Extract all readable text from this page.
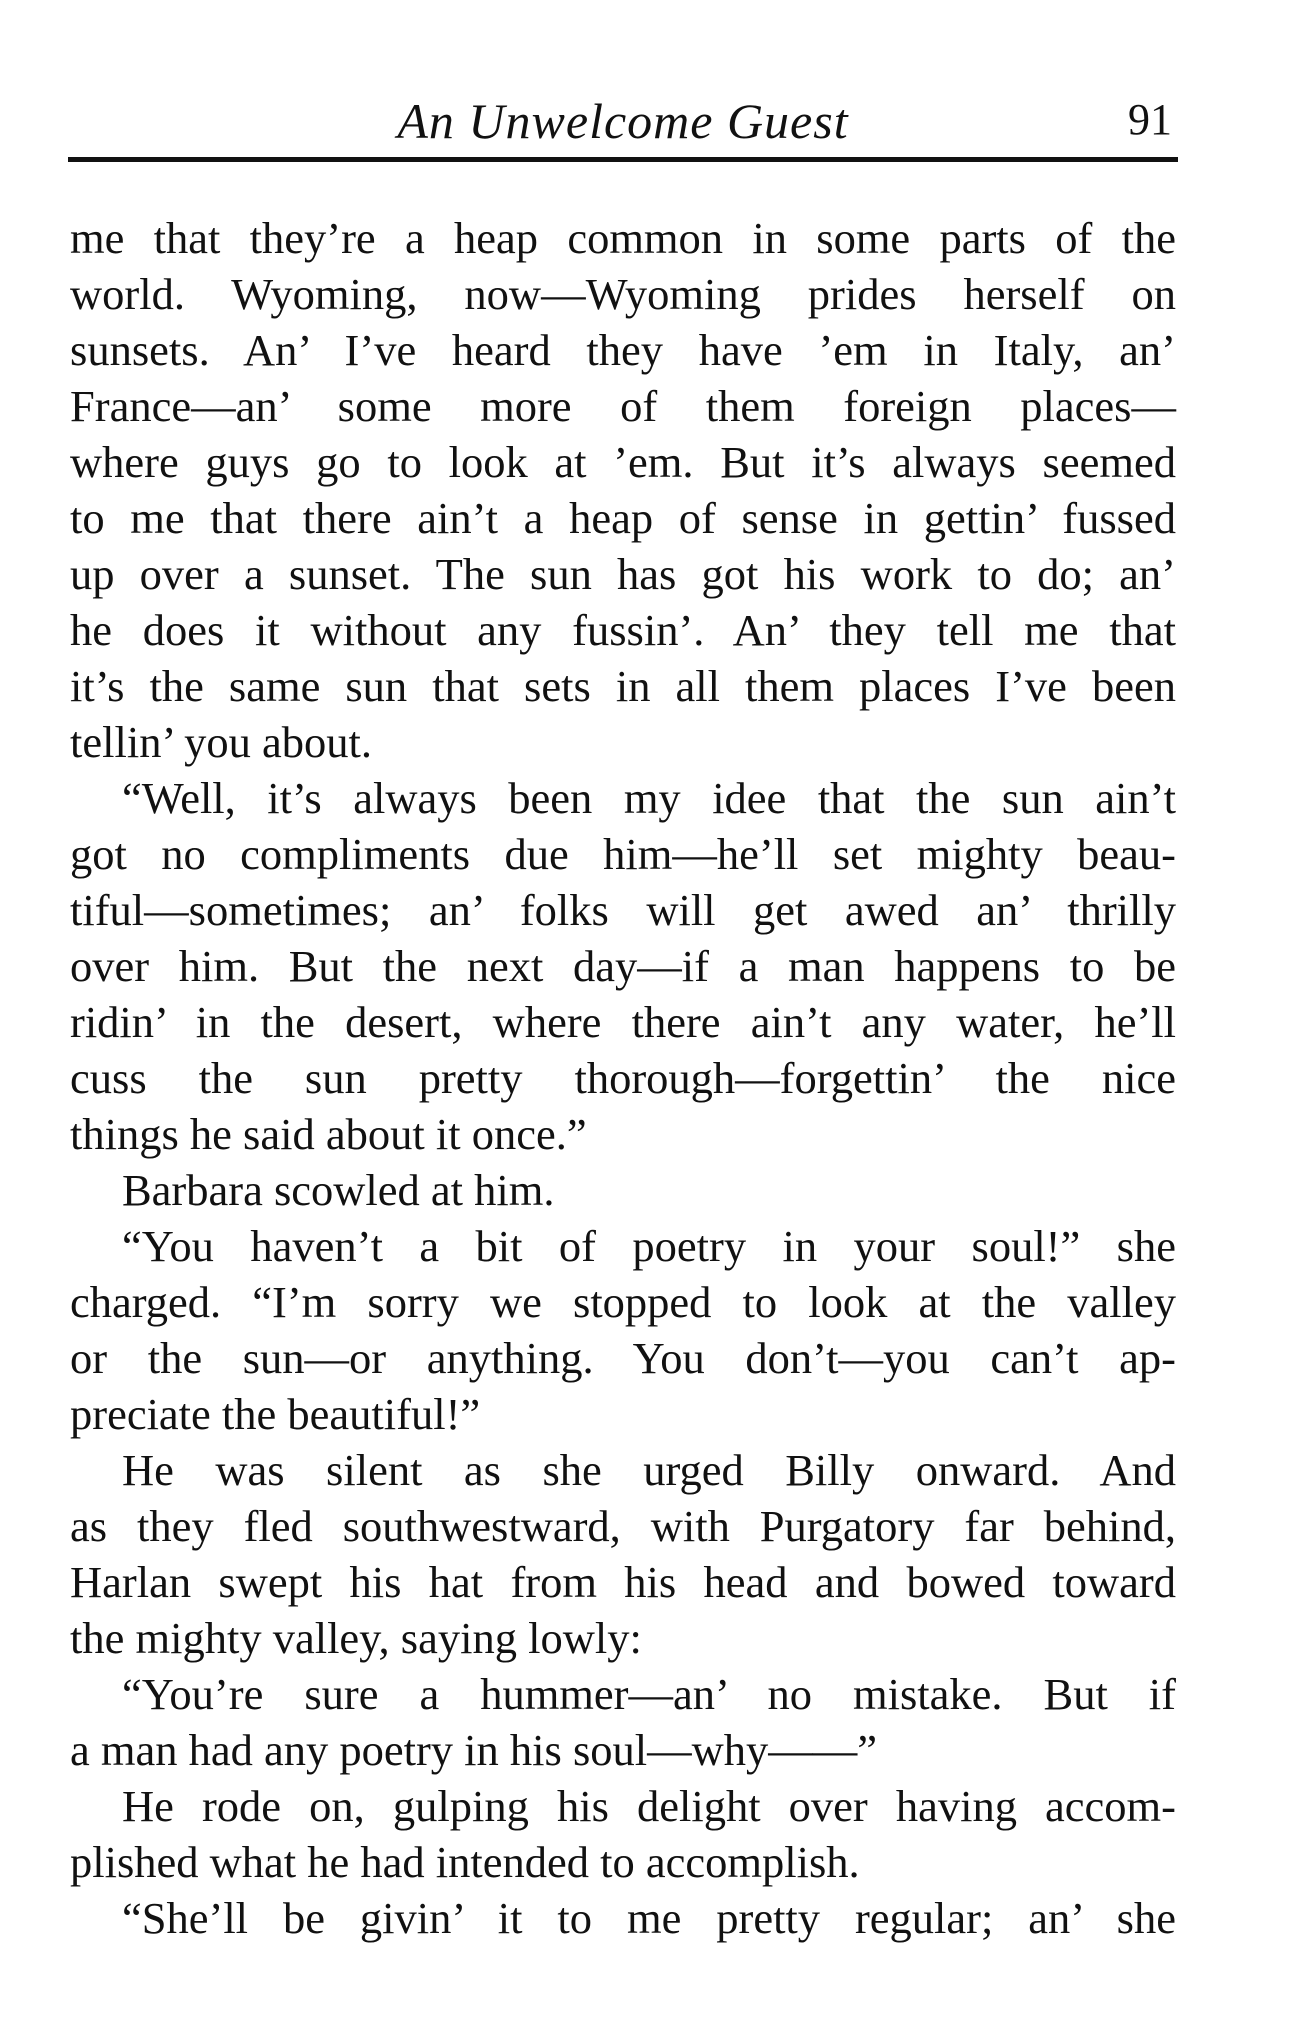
An Unwelcome Guest	91
me that they’re a heap common in some parts of the
world. Wyoming, now—Wyoming prides herself on
sunsets. An’ I’ve heard they have ’em in Italy, an’
France—an’ some more of them foreign places—
where guys go to look at ’em. But it’s always seemed
to me that there ain’t a heap of sense in gettin’ fussed
up over a sunset. The sun has got his work to do; an’
he does it without any fussin’. An’ they tell me that
it’s the same sun that sets in all them places I’ve been
tellin’ you about.
“Well, it’s always been my idee that the sun ain’t
got no compliments due him—he’ll set mighty beau-
tiful—sometimes; an’ folks will get awed an’ thrilly
over him. But the next day—if a man happens to be
ridin’ in the desert, where there ain’t any water, he’ll
cuss the sun pretty thorough—forgettin’ the nice
things he said about it once.”
Barbara scowled at him.
“You haven’t a bit of poetry in your soul!” she
charged. “I’m sorry we stopped to look at the valley
or the sun—or anything. You don’t—you can’t ap-
preciate the beautiful!”
He was silent as she urged Billy onward. And
as they fled southwestward, with Purgatory far behind,
Harlan swept his hat from his head and bowed toward
the mighty valley, saying lowly:
“You’re sure a hummer—an’ no mistake. But if
a man had any poetry in his soul—why——”
He rode on, gulping his delight over having accom-
plished what he had intended to accomplish.
“She’ll be givin’ it to me pretty regular; an’ she
